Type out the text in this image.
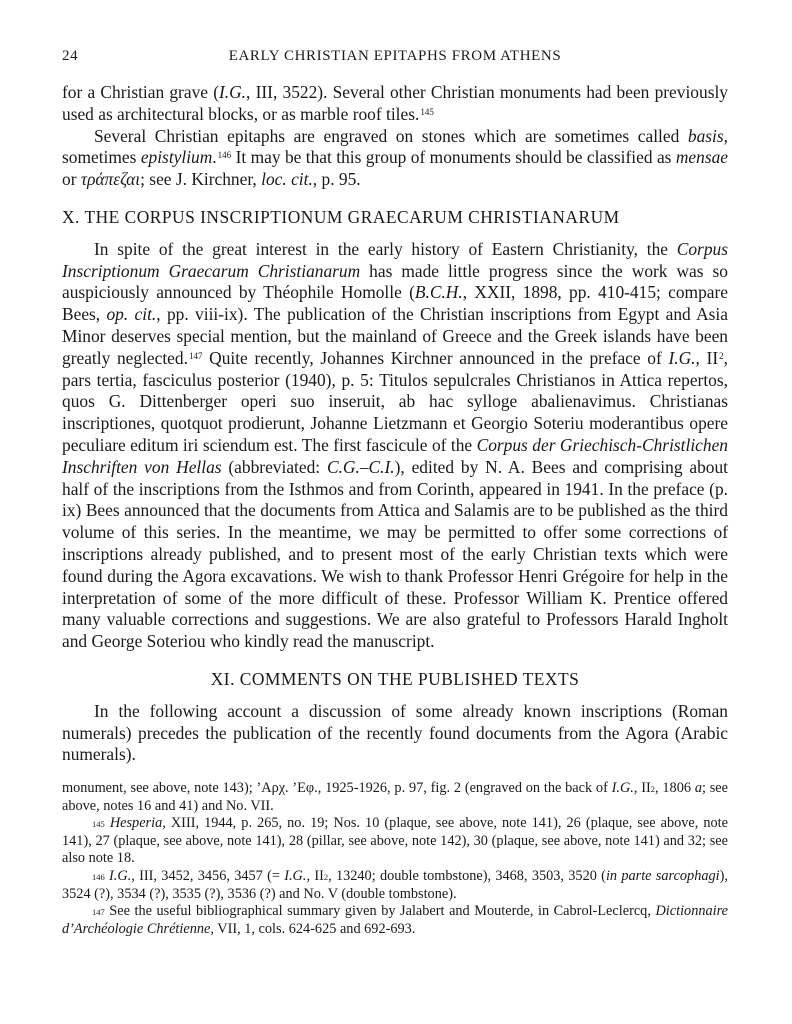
24	EARLY CHRISTIAN EPITAPHS FROM ATHENS

for a Christian grave (I.G., III, 3522). Several other Christian monuments had been previously used as architectural blocks, or as marble roof tiles.$^{145}$

Several Christian epitaphs are engraved on stones which are sometimes called basis, sometimes epistylium.$^{146}$ It may be that this group of monuments should be classified as mensae or τράπεζαι; see J. Kirchner, loc. cit., p. 95.

X. THE CORPUS INSCRIPTIONUM GRAECARUM CHRISTIANARUM

In spite of the great interest in the early history of Eastern Christianity, the Corpus Inscriptionum Graecarum Christianarum has made little progress since the work was so auspiciously announced by Théophile Homolle (B.C.H., XXII, 1898, pp. 410-415; compare Bees, op. cit., pp. viii-ix). The publication of the Christian inscriptions from Egypt and Asia Minor deserves special mention, but the mainland of Greece and the Greek islands have been greatly neglected.$^{147}$ Quite recently, Johannes Kirchner announced in the preface of I.G., II$^2$, pars tertia, fasciculus posterior (1940), p. 5: Titulos sepulcrales Christianos in Attica repertos, quos G. Dittenberger operi suo inseruit, ab hac sylloge abalienavimus. Christianas inscriptiones, quotquot prodierunt, Johanne Lietzmann et Georgio Soteriu moderantibus opere peculiare editum iri sciendum est. The first fascicule of the Corpus der Griechisch-Christlichen Inschriften von Hellas (abbreviated: C.G.–C.I.), edited by N. A. Bees and comprising about half of the inscriptions from the Isthmos and from Corinth, appeared in 1941. In the preface (p. ix) Bees announced that the documents from Attica and Salamis are to be published as the third volume of this series. In the meantime, we may be permitted to offer some corrections of inscriptions already published, and to present most of the early Christian texts which were found during the Agora excavations. We wish to thank Professor Henri Grégoire for help in the interpretation of some of the more difficult of these. Professor William K. Prentice offered many valuable corrections and suggestions. We are also grateful to Professors Harald Ingholt and George Soteriou who kindly read the manuscript.

XI. COMMENTS ON THE PUBLISHED TEXTS

In the following account a discussion of some already known inscriptions (Roman numerals) precedes the publication of the recently found documents from the Agora (Arabic numerals).

monument, see above, note 143); ’Αρχ. ’Εφ., 1925-1926, p. 97, fig. 2 (engraved on the back of I.G., II$^2$, 1806 a; see above, notes 16 and 41) and No. VII.

$^{145}$ Hesperia, XIII, 1944, p. 265, no. 19; Nos. 10 (plaque, see above, note 141), 26 (plaque, see above, note 141), 27 (plaque, see above, note 141), 28 (pillar, see above, note 142), 30 (plaque, see above, note 141) and 32; see also note 18.

$^{146}$ I.G., III, 3452, 3456, 3457 (= I.G., II$^2$, 13240; double tombstone), 3468, 3503, 3520 (in parte sarcophagi), 3524 (?), 3534 (?), 3535 (?), 3536 (?) and No. V (double tombstone).

$^{147}$ See the useful bibliographical summary given by Jalabert and Mouterde, in Cabrol-Leclercq, Dictionnaire d’Archéologie Chrétienne, VII, 1, cols. 624-625 and 692-693.
